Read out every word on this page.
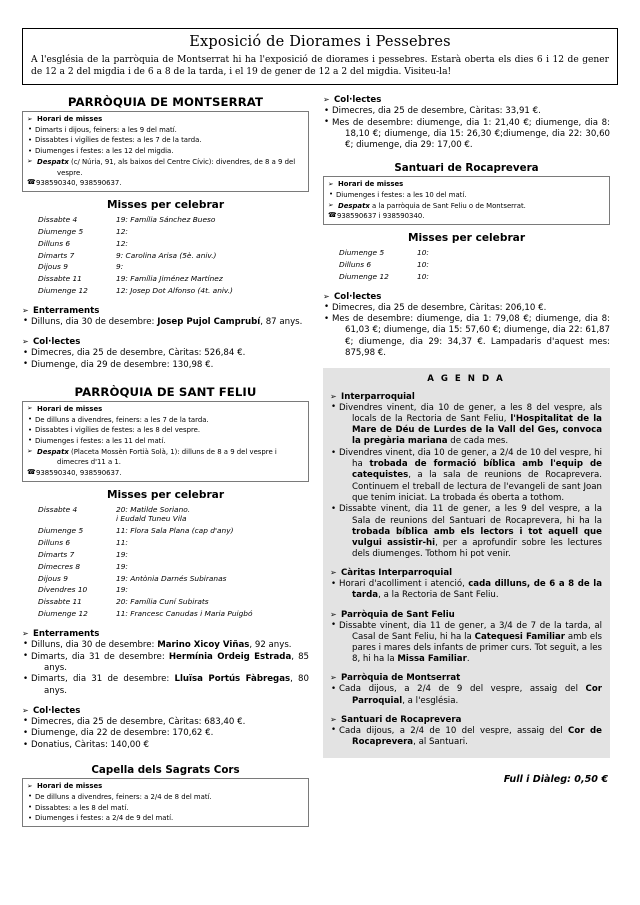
Exposició de Diorames i Pessebres
A l'església de la parròquia de Montserrat hi ha l'exposició de diorames i pessebres. Estarà oberta els dies 6 i 12 de gener de 12 a 2 del migdia i de 6 a 8 de la tarda, i el 19 de gener de 12 a 2 del migdia. Visiteu-la!
PARRÒQUIA DE MONTSERRAT
➢ Horari de misses
• Dimarts i dijous, feiners: a les 9 del matí.
• Dissabtes i vigílies de festes: a les 7 de la tarda.
• Diumenges i festes: a les 12 del migdia.
➢ Despatx (c/ Núria, 91, als baixos del Centre Cívic): divendres, de 8 a 9 del
vespre.
☎ 938590340, 938590637.
Misses per celebrar
Dissabte 4	19: Família Sánchez Bueso
Diumenge 5	12:
Dilluns 6	12:
Dimarts 7	9: Carolina Arisa (5è. aniv.)
Dijous 9	9:
Dissabte 11	19: Família Jiménez Martínez
Diumenge 12	12: Josep Dot Alfonso (4t. aniv.)
➢ Enterraments
• Dilluns, dia 30 de desembre: Josep Pujol Camprubí, 87 anys.
➢ Col·lectes
• Dimecres, dia 25 de desembre, Càritas: 526,84 €.
• Diumenge, dia 29 de desembre: 130,98 €.
PARRÒQUIA DE SANT FELIU
➢ Horari de misses
• De dilluns a divendres, feiners: a les 7 de la tarda.
• Dissabtes i vigílies de festes: a les 8 del vespre.
• Diumenges i festes: a les 11 del matí.
➢ Despatx (Placeta Mossèn Fortià Solà, 1): dilluns de 8 a 9 del vespre i
dimecres d'11 a 1.
☎ 938590340, 938590637.
Misses per celebrar
Dissabte 4	20: Matilde Soriano.
i Eudald Tuneu Vila
Diumenge 5	11: Flora Sala Plana (cap d'any)
Dilluns 6	11:
Dimarts 7	19:
Dimecres 8	19:
Dijous 9	19: Antònia Darnés Subiranas
Divendres 10	19:
Dissabte 11	20: Família Cuní Subirats
Diumenge 12	11: Francesc Canudas i Maria Puigbó
➢ Enterraments
• Dilluns, dia 30 de desembre: Marino Xicoy Viñas, 92 anys.
• Dimarts, dia 31 de desembre: Hermínia Ordeig Estrada, 85 anys.
• Dimarts, dia 31 de desembre: Lluïsa Portús Fàbregas, 80 anys.
➢ Col·lectes
• Dimecres, dia 25 de desembre, Càritas: 683,40 €.
• Diumenge, dia 22 de desembre: 170,62 €.
• Donatius, Càritas: 140,00 €
Capella dels Sagrats Cors
➢ Horari de misses
• De dilluns a divendres, feiners: a 2/4 de 8 del matí.
• Dissabtes: a les 8 del matí.
• Diumenges i festes: a 2/4 de 9 del matí.
➢ Col·lectes
• Dimecres, dia 25 de desembre, Càritas: 33,91 €.
• Mes de desembre: diumenge, dia 1: 21,40 €; diumenge, dia 8: 18,10 €; diumenge, dia 15: 26,30 €;diumenge, dia 22: 30,60 €; diumenge, dia 29: 17,00 €.
Santuari de Rocaprevera
➢ Horari de misses
• Diumenges i festes: a les 10 del matí.
➢ Despatx a la parròquia de Sant Feliu o de Montserrat.
☎ 938590637 i 938590340.
Misses per celebrar
Diumenge 5	10:
Dilluns 6	10:
Diumenge 12	10:
➢ Col·lectes
• Dimecres, dia 25 de desembre, Càritas: 206,10 €.
• Mes de desembre: diumenge, dia 1: 79,08 €; diumenge, dia 8: 61,03 €; diumenge, dia 15: 57,60 €; diumenge, dia 22: 61,87 €; diumenge, dia 29: 34,37 €. Lampadaris d'aquest mes: 875,98 €.
A G E N D A
➢ Interparroquial
• Divendres vinent, dia 10 de gener, a les 8 del vespre, als locals de la Rectoria de Sant Feliu, l'Hospitalitat de la Mare de Déu de Lurdes de la Vall del Ges, convoca la pregària mariana de cada mes.
• Divendres vinent, dia 10 de gener, a 2/4 de 10 del vespre, hi ha trobada de formació bíblica amb l'equip de catequistes, a la sala de reunions de Rocaprevera. Continuem el treball de lectura de l'evangeli de sant Joan que tenim iniciat. La trobada és oberta a tothom.
• Dissabte vinent, dia 11 de gener, a les 9 del vespre, a la Sala de reunions del Santuari de Rocaprevera, hi ha la trobada bíblica amb els lectors i tot aquell que vulgui assistir-hi, per a aprofundir sobre les lectures dels diumenges. Tothom hi pot venir.
➢ Càritas Interparroquial
• Horari d'acolliment i atenció, cada dilluns, de 6 a 8 de la tarda, a la Rectoria de Sant Feliu.
➢ Parròquia de Sant Feliu
• Dissabte vinent, dia 11 de gener, a 3/4 de 7 de la tarda, al Casal de Sant Feliu, hi ha la Catequesi Familiar amb els pares i mares dels infants de primer curs. Tot seguit, a les 8, hi ha la Missa Familiar.
➢ Parròquia de Montserrat
• Cada dijous, a 2/4 de 9 del vespre, assaig del Cor Parroquial, a l'església.
➢ Santuari de Rocaprevera
• Cada dijous, a 2/4 de 10 del vespre, assaig del Cor de Rocaprevera, al Santuari.
Full i Diàleg: 0,50 €
